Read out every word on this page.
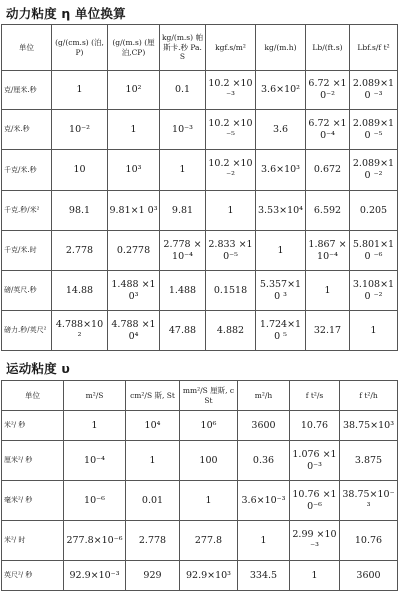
动力粘度 η 单位换算
单位	(g/(cm.s) (泊, P)	(g/(m.s) (厘泊,CP)	kg/(m.s) 帕斯卡.秒 Pa.S	kgf.s/m²	kg/(m.h)	Lb/(ft.s)	Lbf.s/f t²
克/厘米.秒	1	10²	0.1	10.2 ×10⁻³	3.6×10²	6.72 ×10⁻²	2.089×10 ⁻³
克/米.秒	10⁻²	1	10⁻³	10.2 ×10⁻⁵	3.6	6.72 ×10⁻⁴	2.089×10 ⁻⁵
千克/米.秒	10	10³	1	10.2 ×10⁻²	3.6×10³	0.672	2.089×10 ⁻²
千克.秒/米²	98.1	9.81×1 0³	9.81	1	3.53×10⁴	6.592	0.205
千克/米.时	2.778	0.2778	2.778 ×10⁻⁴	2.833 ×10⁻⁵	1	1.867 ×10⁻⁴	5.801×10 ⁻⁶
磅/英尺.秒	14.88	1.488 ×10³	1.488	0.1518	5.357×10 ³	1	3.108×10 ⁻²
磅力.秒/英尺²	4.788×10 ²	4.788 ×10⁴	47.88	4.882	1.724×10 ⁵	32.17	1
运动粘度 υ
单位	m²/S	cm²/S 斯, St	mm²/S 厘斯, cSt	m²/h	f t²/s	f t²/h
米²/ 秒	1	10⁴	10⁶	3600	10.76	38.75×10³
厘米²/ 秒	10⁻⁴	1	100	0.36	1.076 ×10⁻³	3.875
毫米²/ 秒	10⁻⁶	0.01	1	3.6×10⁻³	10.76 ×10⁻⁶	38.75×10⁻³
米²/ 时	277.8×10⁻⁶	2.778	277.8	1	2.99 ×10⁻³	10.76
英尺²/ 秒	92.9×10⁻³	929	92.9×10³	334.5	1	3600
